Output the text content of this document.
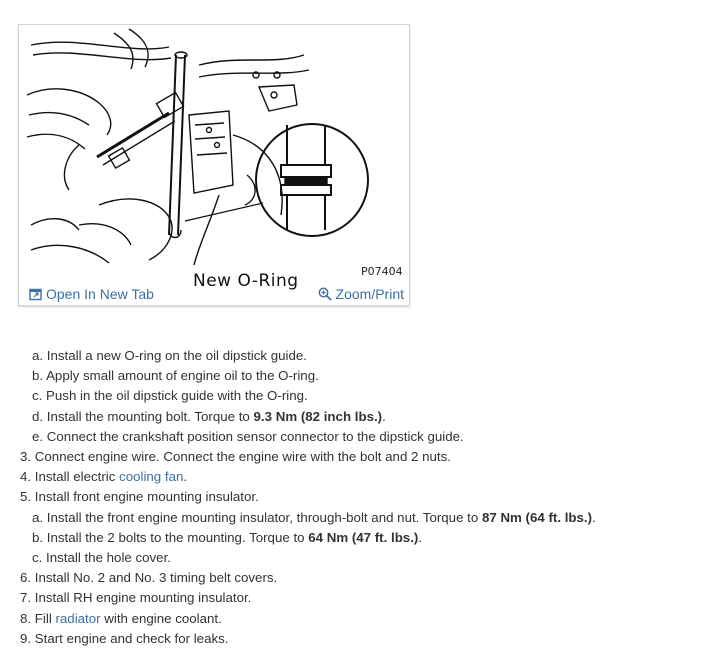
New O-Ring	P07404
Open In New Tab	Zoom/Print
a. Install a new O-ring on the oil dipstick guide.
b. Apply small amount of engine oil to the O-ring.
c. Push in the oil dipstick guide with the O-ring.
d. Install the mounting bolt. Torque to 9.3 Nm (82 inch lbs.).
e. Connect the crankshaft position sensor connector to the dipstick guide.
3. Connect engine wire. Connect the engine wire with the bolt and 2 nuts.
4. Install electric cooling fan.
5. Install front engine mounting insulator.
a. Install the front engine mounting insulator, through-bolt and nut. Torque to 87 Nm (64 ft. lbs.).
b. Install the 2 bolts to the mounting. Torque to 64 Nm (47 ft. lbs.).
c. Install the hole cover.
6. Install No. 2 and No. 3 timing belt covers.
7. Install RH engine mounting insulator.
8. Fill radiator with engine coolant.
9. Start engine and check for leaks.
